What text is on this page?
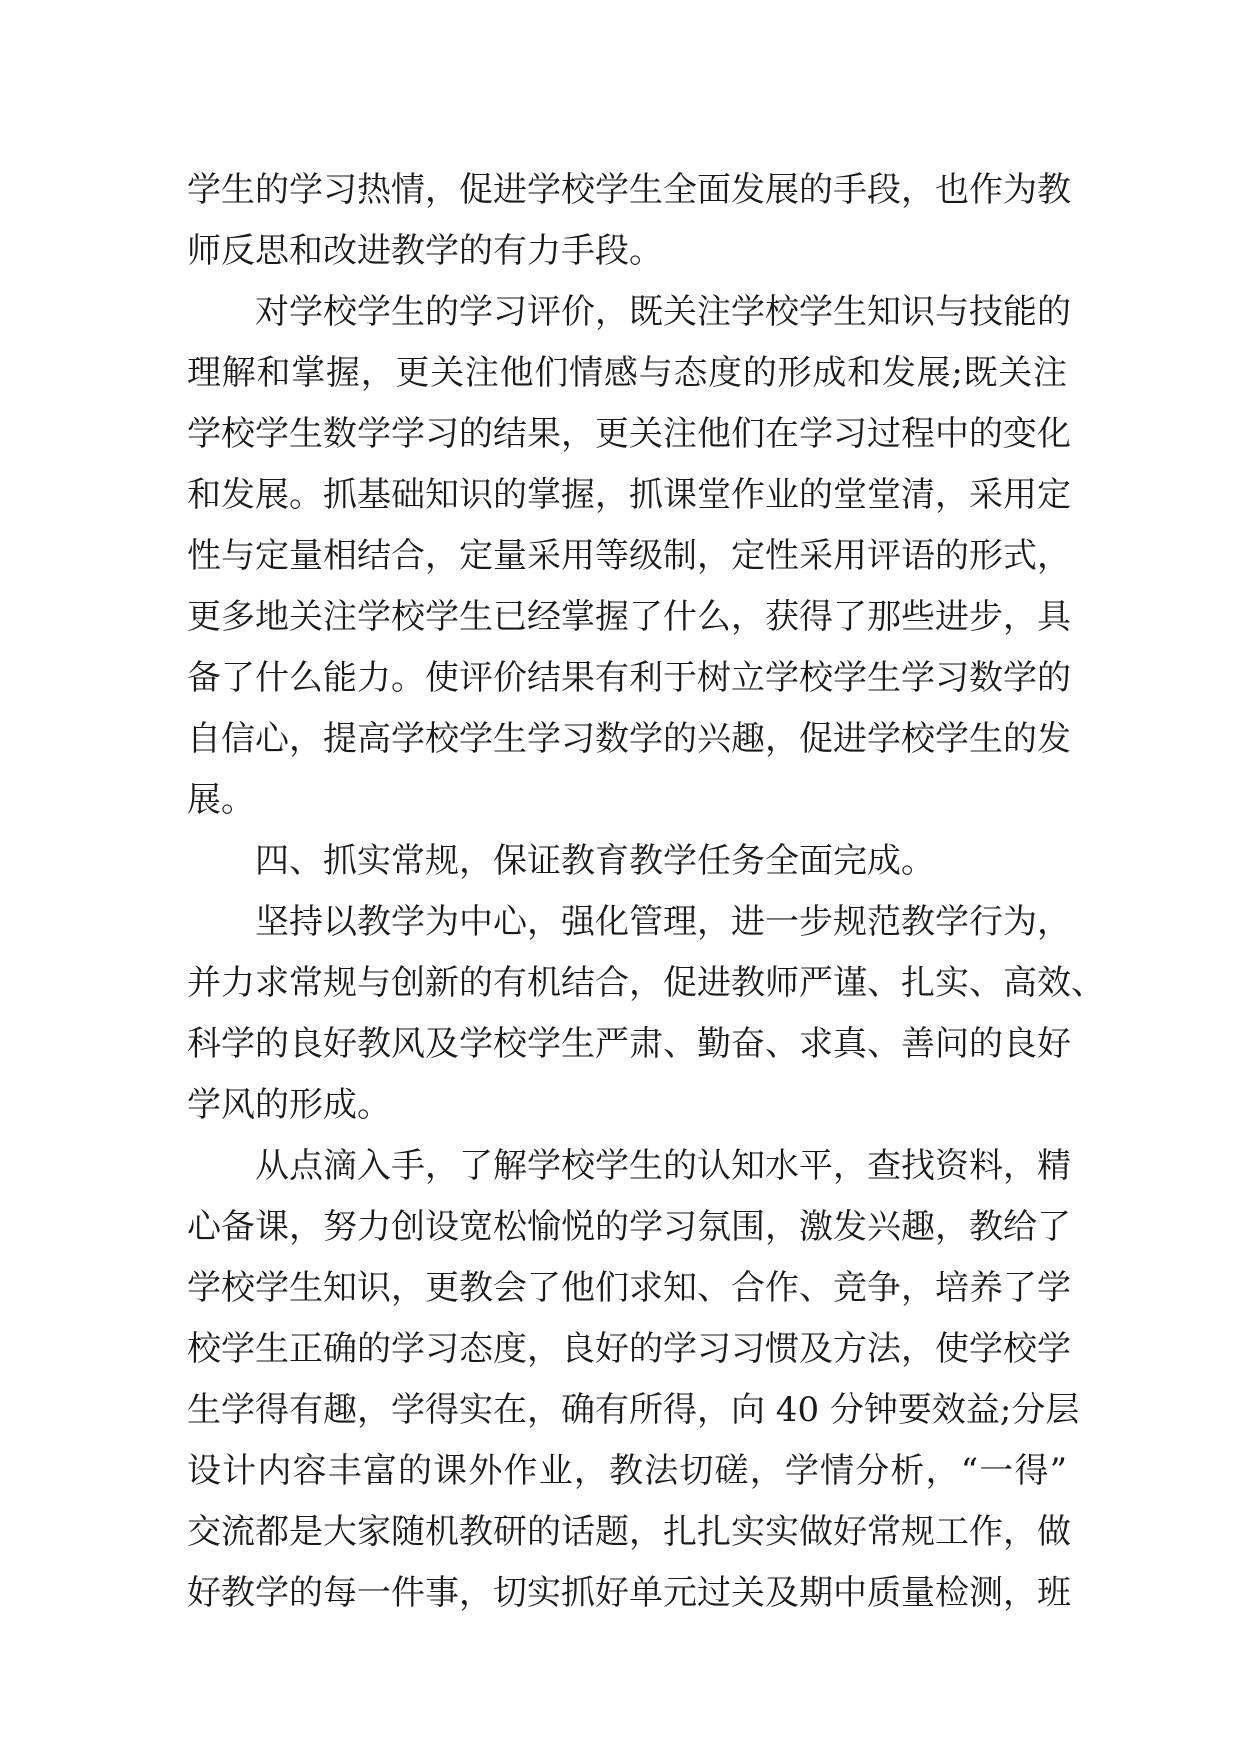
学生的学习热情，促进学校学生全面发展的手段，也作为教
师反思和改进教学的有力手段。
对学校学生的学习评价，既关注学校学生知识与技能的
理解和掌握，更关注他们情感与态度的形成和发展;既关注
学校学生数学学习的结果，更关注他们在学习过程中的变化
和发展。抓基础知识的掌握，抓课堂作业的堂堂清，采用定
性与定量相结合，定量采用等级制，定性采用评语的形式，
更多地关注学校学生已经掌握了什么，获得了那些进步，具
备了什么能力。使评价结果有利于树立学校学生学习数学的
自信心，提高学校学生学习数学的兴趣，促进学校学生的发
展。
四、抓实常规，保证教育教学任务全面完成。
坚持以教学为中心，强化管理，进一步规范教学行为，
并力求常规与创新的有机结合，促进教师严谨、扎实、高效、
科学的良好教风及学校学生严肃、勤奋、求真、善问的良好
学风的形成。
从点滴入手，了解学校学生的认知水平，查找资料，精
心备课，努力创设宽松愉悦的学习氛围，激发兴趣，教给了
学校学生知识，更教会了他们求知、合作、竞争，培养了学
校学生正确的学习态度，良好的学习习惯及方法，使学校学
生学得有趣，学得实在，确有所得，向 40 分钟要效益;分层
设计内容丰富的课外作业，教法切磋，学情分析，“一得”
交流都是大家随机教研的话题，扎扎实实做好常规工作，做
好教学的每一件事，切实抓好单元过关及期中质量检测，班
